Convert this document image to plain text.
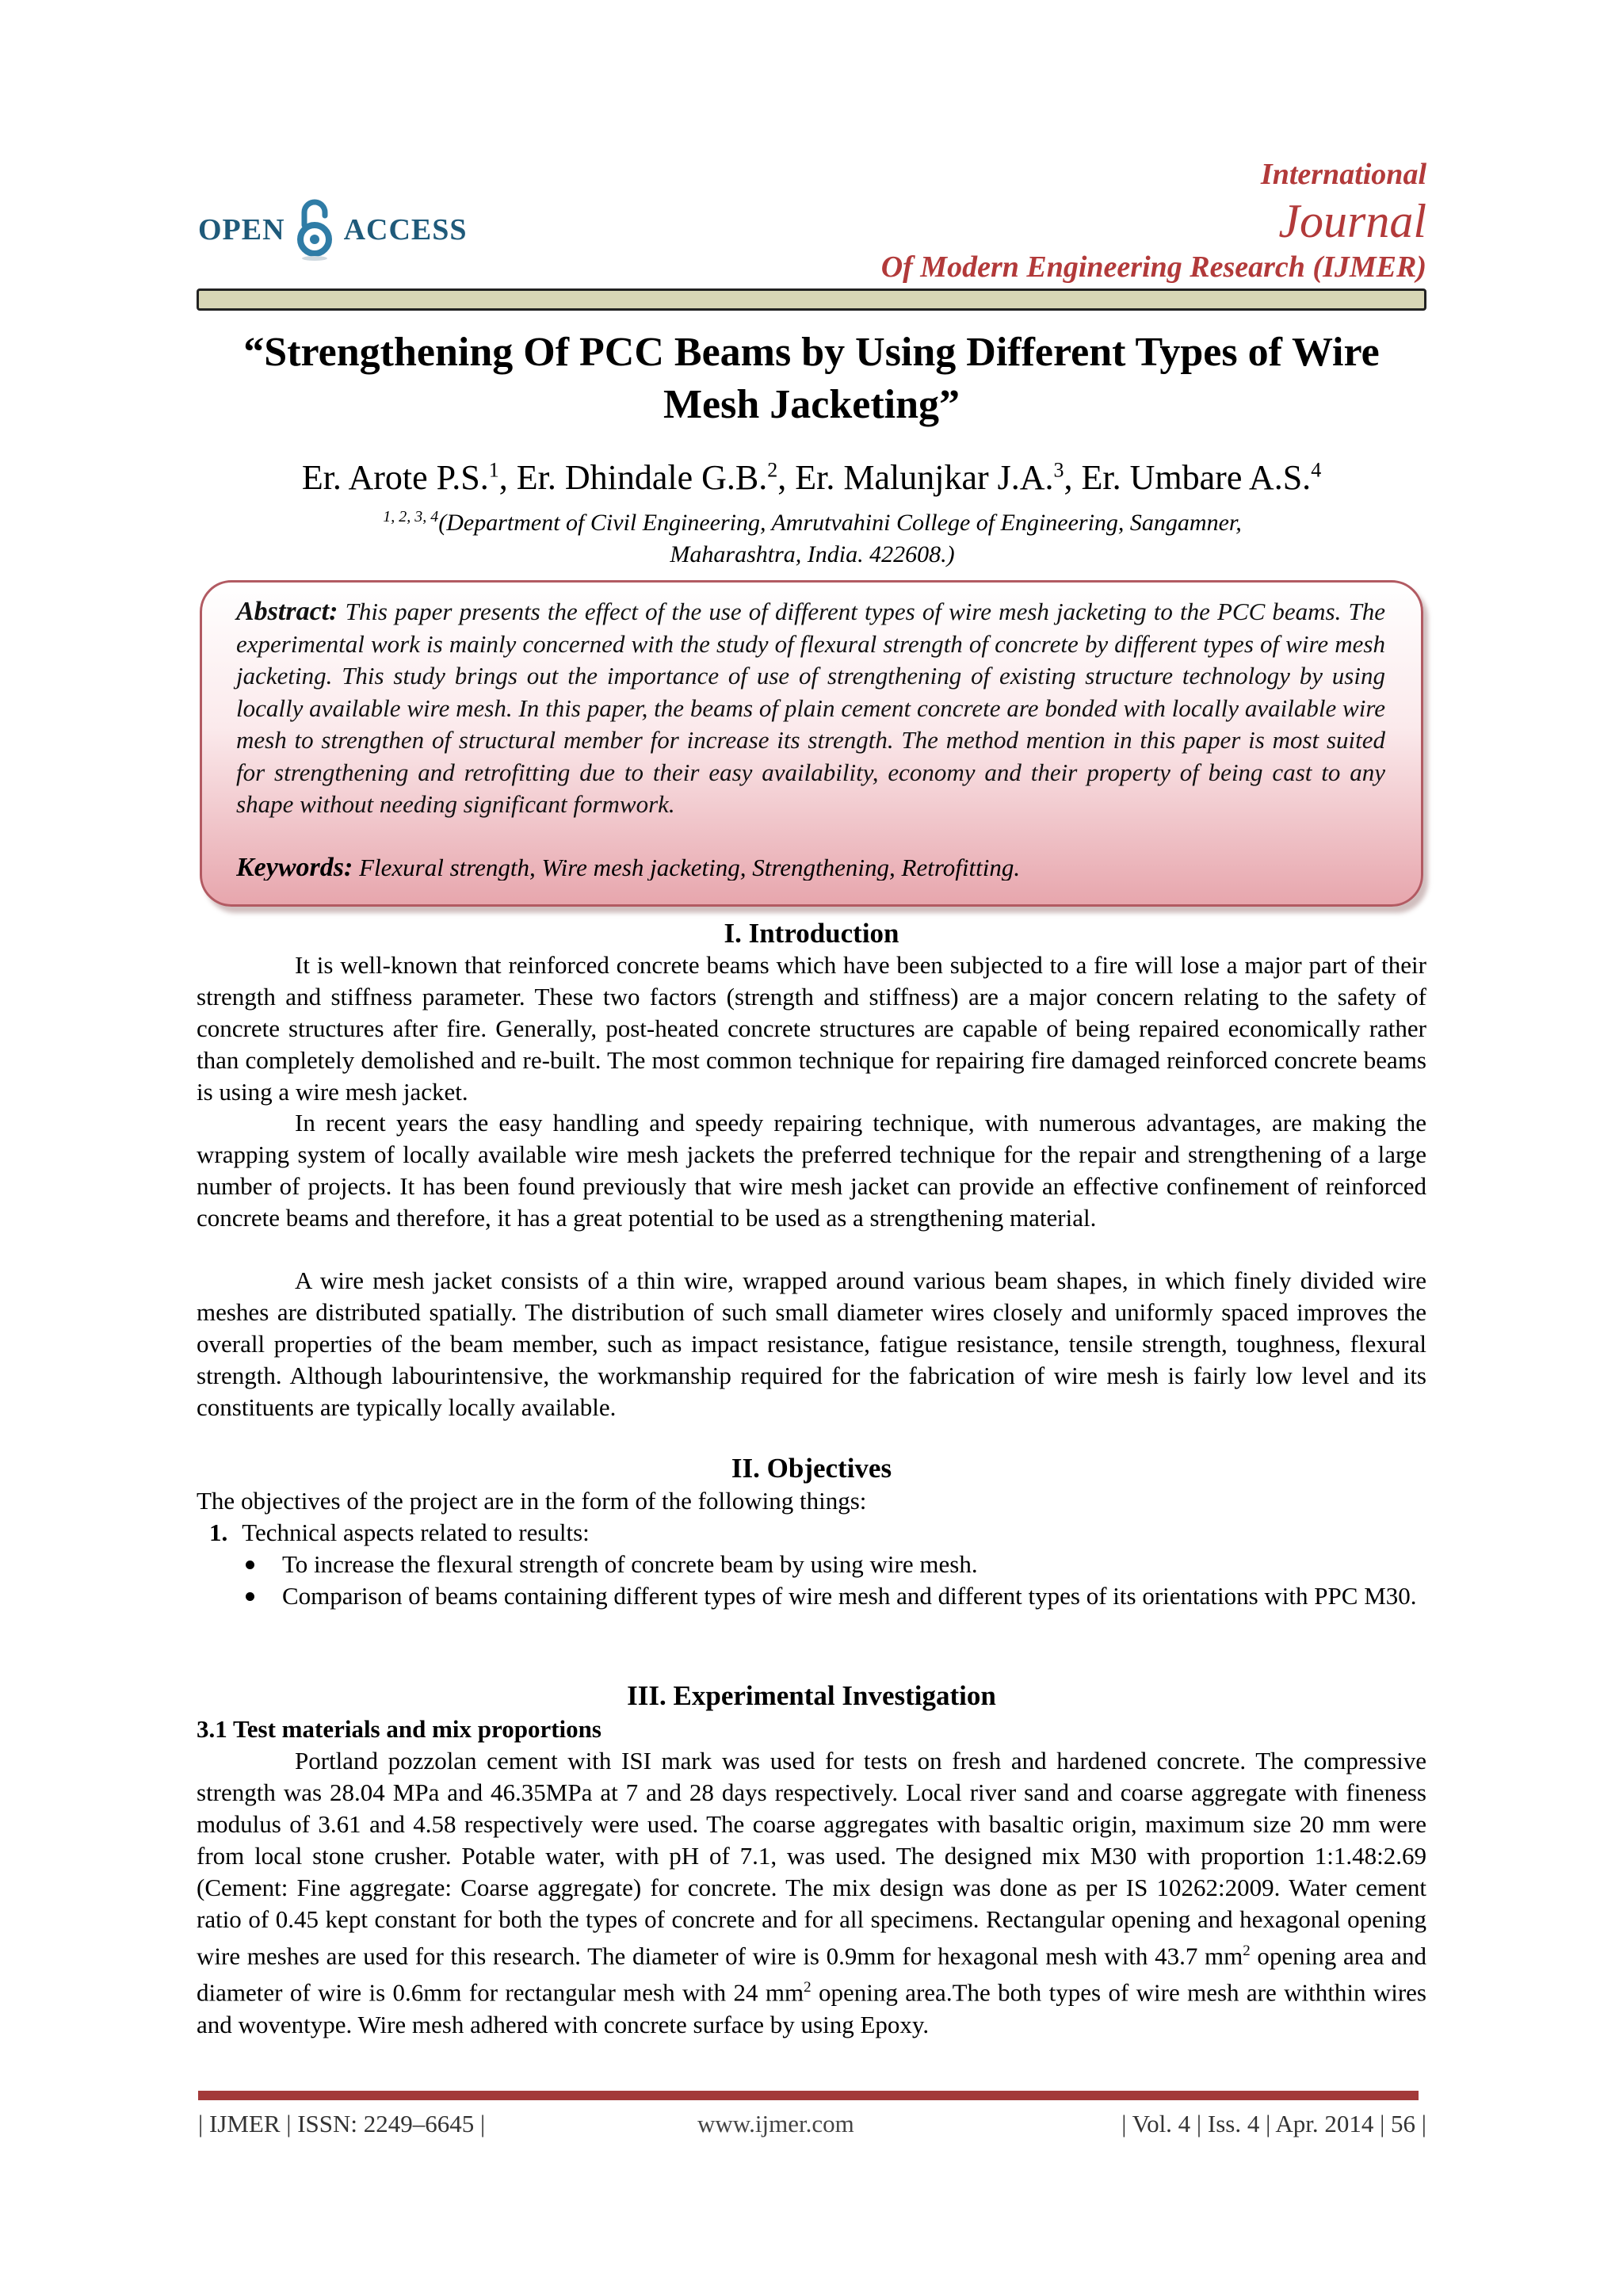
OPEN ACCESS
International
Journal
Of Modern Engineering Research (IJMER)
“Strengthening Of PCC Beams by Using Different Types of Wire
Mesh Jacketing”
Er. Arote P.S.$^1$, Er. Dhindale G.B.$^2$, Er. Malunjkar J.A.$^3$, Er. Umbare A.S.$^4$
$^{1, 2, 3, 4}$(Department of Civil Engineering, Amrutvahini College of Engineering, Sangamner,
Maharashtra, India. 422608.)
Abstract: This paper presents the effect of the use of different types of wire mesh jacketing to the PCC beams. The experimental work is mainly concerned with the study of flexural strength of concrete by different types of wire mesh jacketing. This study brings out the importance of use of strengthening of existing structure technology by using locally available wire mesh. In this paper, the beams of plain cement concrete are bonded with locally available wire mesh to strengthen of structural member for increase its strength. The method mention in this paper is most suited for strengthening and retrofitting due to their easy availability, economy and their property of being cast to any shape without needing significant formwork.
Keywords: Flexural strength, Wire mesh jacketing, Strengthening, Retrofitting.
I. Introduction
It is well-known that reinforced concrete beams which have been subjected to a fire will lose a major part of their strength and stiffness parameter. These two factors (strength and stiffness) are a major concern relating to the safety of concrete structures after fire. Generally, post-heated concrete structures are capable of being repaired economically rather than completely demolished and re-built. The most common technique for repairing fire damaged reinforced concrete beams is using a wire mesh jacket.
In recent years the easy handling and speedy repairing technique, with numerous advantages, are making the wrapping system of locally available wire mesh jackets the preferred technique for the repair and strengthening of a large number of projects. It has been found previously that wire mesh jacket can provide an effective confinement of reinforced concrete beams and therefore, it has a great potential to be used as a strengthening material.
A wire mesh jacket consists of a thin wire, wrapped around various beam shapes, in which finely divided wire meshes are distributed spatially. The distribution of such small diameter wires closely and uniformly spaced improves the overall properties of the beam member, such as impact resistance, fatigue resistance, tensile strength, toughness, flexural strength. Although labourintensive, the workmanship required for the fabrication of wire mesh is fairly low level and its constituents are typically locally available.
II. Objectives
The objectives of the project are in the form of the following things:
1. Technical aspects related to results:
To increase the flexural strength of concrete beam by using wire mesh.
Comparison of beams containing different types of wire mesh and different types of its orientations with PPC M30.
III. Experimental Investigation
3.1 Test materials and mix proportions
Portland pozzolan cement with ISI mark was used for tests on fresh and hardened concrete. The compressive strength was 28.04 MPa and 46.35MPa at 7 and 28 days respectively. Local river sand and coarse aggregate with fineness modulus of 3.61 and 4.58 respectively were used. The coarse aggregates with basaltic origin, maximum size 20 mm were from local stone crusher. Potable water, with pH of 7.1, was used. The designed mix M30 with proportion 1:1.48:2.69 (Cement: Fine aggregate: Coarse aggregate) for concrete. The mix design was done as per IS 10262:2009. Water cement ratio of 0.45 kept constant for both the types of concrete and for all specimens. Rectangular opening and hexagonal opening wire meshes are used for this research. The diameter of wire is 0.9mm for hexagonal mesh with 43.7 $mm^2$ opening area and diameter of wire is 0.6mm for rectangular mesh with 24 $mm^2$ opening area.The both types of wire mesh are withthin wires and woventype. Wire mesh adhered with concrete surface by using Epoxy.
| IJMER | ISSN: 2249–6645 |	www.ijmer.com	| Vol. 4 | Iss. 4 | Apr. 2014 | 56 |
